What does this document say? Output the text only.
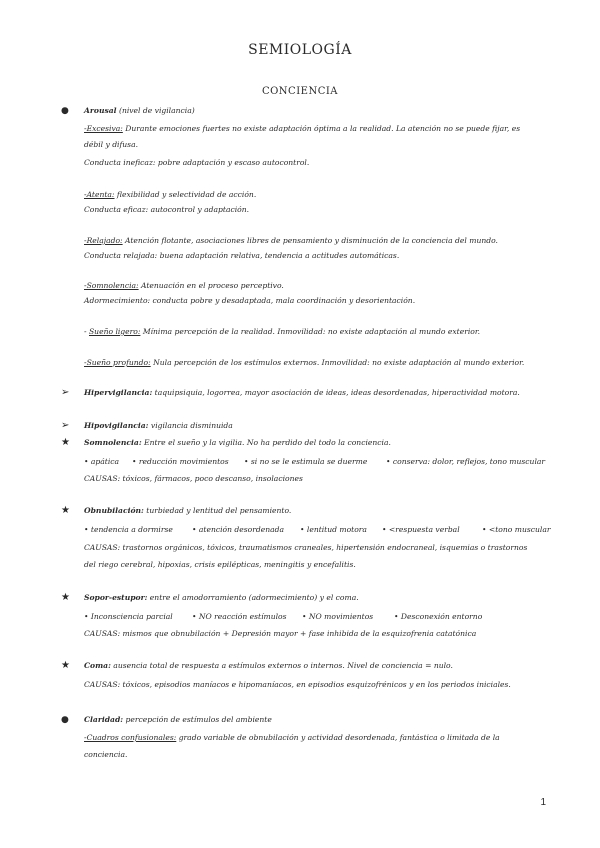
SEMIOLOGÍA
CONCIENCIA
● Arousal (nivel de vigilancia)
-Excesiva: Durante emociones fuertes no existe adaptación óptima a la realidad. La atención no se puede fijar, es
débil y difusa.
Conducta ineficaz: pobre adaptación y escaso autocontrol.
-Atenta: flexibilidad y selectividad de acción.
Conducta eficaz: autocontrol y adaptación.
-Relajado: Atención flotante, asociaciones libres de pensamiento y disminución de la conciencia del mundo.
Conducta relajada: buena adaptación relativa, tendencia a actitudes automáticas.
-Somnolencia: Atenuación en el proceso perceptivo.
Adormecimiento: conducta pobre y desadaptada, mala coordinación y desorientación.
- Sueño ligero: Mínima percepción de la realidad. Inmovilidad: no existe adaptación al mundo exterior.
-Sueño profundo: Nula percepción de los estímulos externos. Inmovilidad: no existe adaptación al mundo exterior.
➢ Hipervigilancia: taquipsiquia, logorrea, mayor asociación de ideas, ideas desordenadas, hiperactividad motora.
➢ Hipovigilancia: vigilancia disminuida
★ Somnolencia: Entre el sueño y la vigilia. No ha perdido del todo la conciencia.
• apática • reducción movimientos • si no se le estimula se duerme • conserva: dolor, reflejos, tono muscular
CAUSAS: tóxicos, fármacos, poco descanso, insolaciones
★ Obnubilación: turbiedad y lentitud del pensamiento.
• tendencia a dormirse	• atención desordenada • lentitud motora • <respuesta verbal	• <tono muscular
CAUSAS: trastornos orgánicos, tóxicos, traumatismos craneales, hipertensión endocraneal, isquemias o trastornos
del riego cerebral, hipoxias, crisis epilépticas, meningitis y encefalitis.
★ Sopor-estupor: entre el amodorramiento (adormecimiento) y el coma.
• Inconsciencia parcial	• NO reacción estímulos • NO movimientos	• Desconexión entorno
CAUSAS: mismos que obnubilación + Depresión mayor + fase inhibida de la esquizofrenia catatónica
★ Coma: ausencia total de respuesta a estímulos externos o internos. Nivel de conciencia = nulo.
CAUSAS: tóxicos, episodios maníacos e hipomaníacos, en episodios esquizofrénicos y en los periodos iniciales.
● Claridad: percepción de estímulos del ambiente
-Cuadros confusionales: grado variable de obnubilación y actividad desordenada, fantástica o limitada de la
conciencia.
1
